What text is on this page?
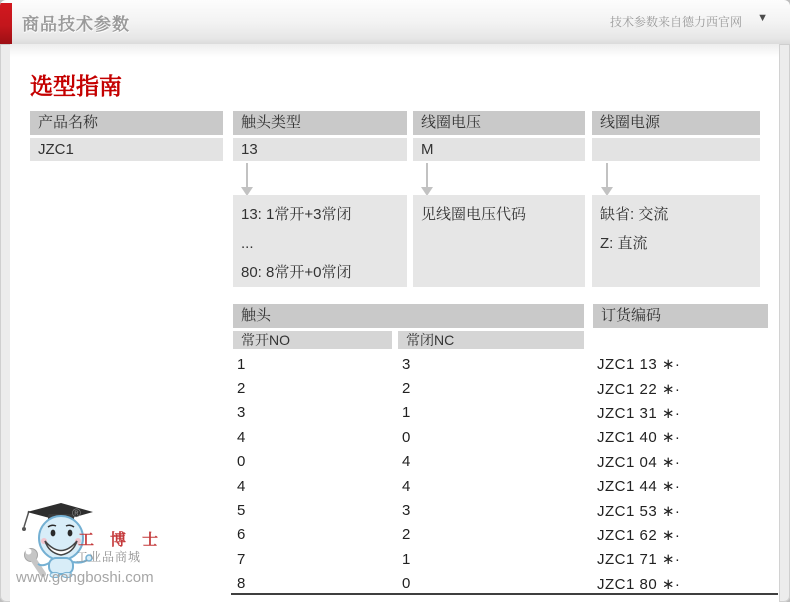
商品技术参数	技术参数来自德力西官网 ▼
选型指南
产品名称	触头类型	线圈电压	线圈电源
JZC1	13	M
13: 1常开+3常闭
...
80: 8常开+0常闭
见线圈电压代码	缺省: 交流
Z: 直流
触头	订货编码
常开NO	常闭NC
1	3	JZC1 13 ∗·
2	2	JZC1 22 ∗·
3	1	JZC1 31 ∗·
4	0	JZC1 40 ∗·
0	4	JZC1 04 ∗·
4	4	JZC1 44 ∗·
5	3	JZC1 53 ∗·
6	2	JZC1 62 ∗·
7	1	JZC1 71 ∗·
8	0	JZC1 80 ∗·
®
工 博 士
工业品商城
www.gongboshi.com
